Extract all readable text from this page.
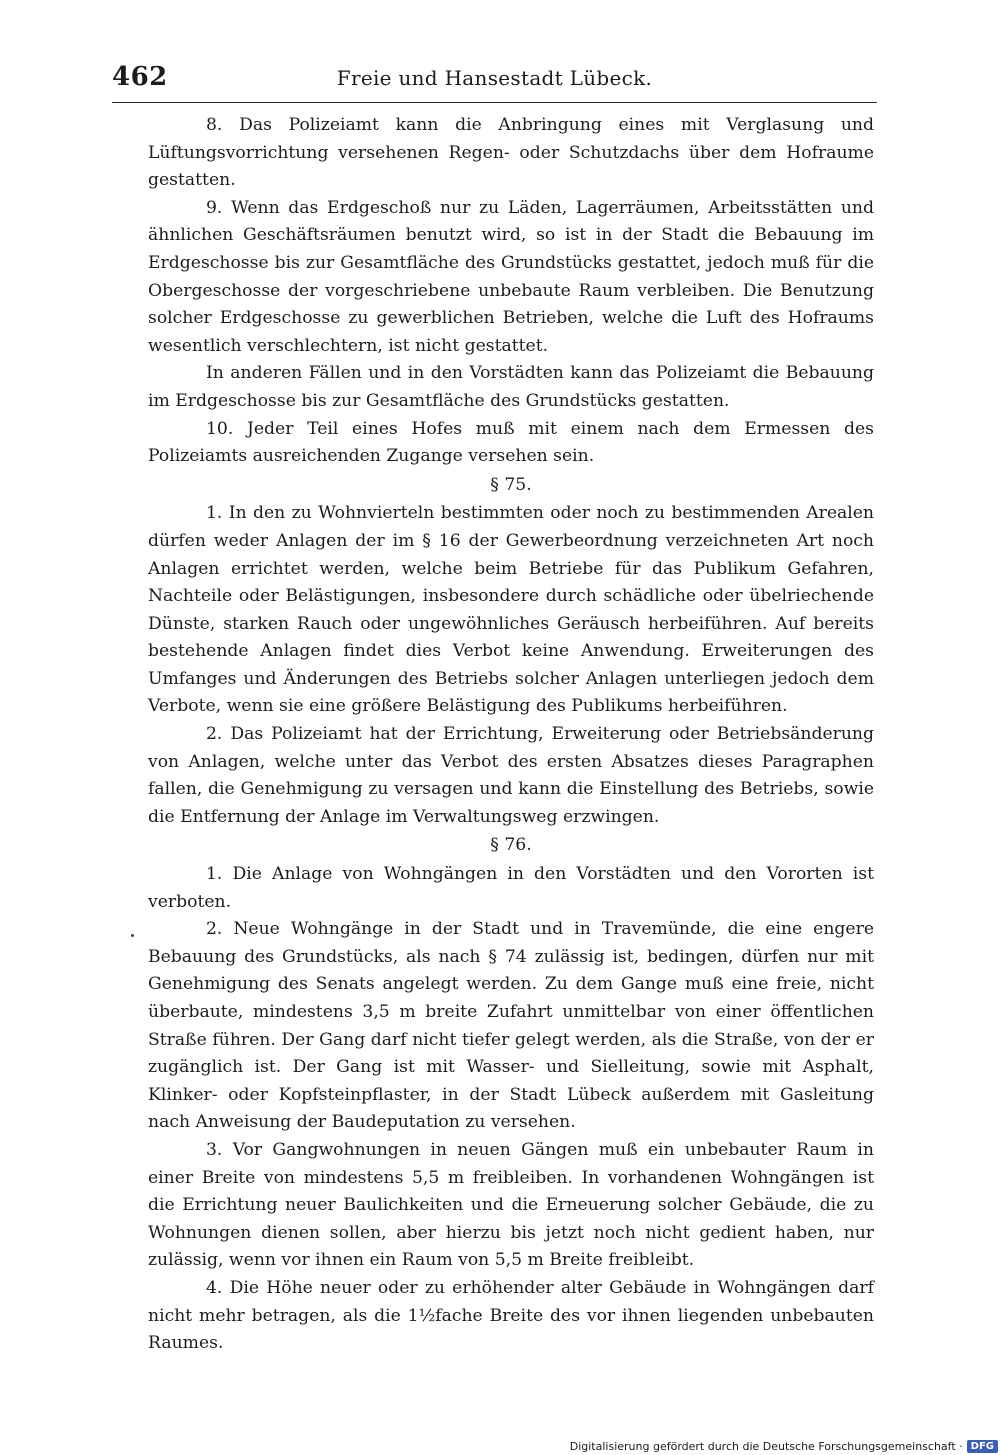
462	Freie und Hansestadt Lübeck.

8. Das Polizeiamt kann die Anbringung eines mit Verglasung und Lüftungsvorrichtung versehenen Regen- oder Schutzdachs über dem Hofraume gestatten.

9. Wenn das Erdgeschoß nur zu Läden, Lagerräumen, Arbeitsstätten und ähnlichen Geschäftsräumen benutzt wird, so ist in der Stadt die Bebauung im Erdgeschosse bis zur Gesamtfläche des Grundstücks gestattet, jedoch muß für die Obergeschosse der vorgeschriebene unbebaute Raum verbleiben. Die Benutzung solcher Erdgeschosse zu gewerblichen Betrieben, welche die Luft des Hofraums wesentlich verschlechtern, ist nicht gestattet.

In anderen Fällen und in den Vorstädten kann das Polizeiamt die Bebauung im Erdgeschosse bis zur Gesamtfläche des Grundstücks gestatten.

10. Jeder Teil eines Hofes muß mit einem nach dem Ermessen des Polizeiamts ausreichenden Zugange versehen sein.

§ 75.

1. In den zu Wohnvierteln bestimmten oder noch zu bestimmenden Arealen dürfen weder Anlagen der im § 16 der Gewerbeordnung verzeichneten Art noch Anlagen errichtet werden, welche beim Betriebe für das Publikum Gefahren, Nachteile oder Belästigungen, insbesondere durch schädliche oder übelriechende Dünste, starken Rauch oder ungewöhnliches Geräusch herbeiführen. Auf bereits bestehende Anlagen findet dies Verbot keine Anwendung. Erweiterungen des Umfanges und Änderungen des Betriebs solcher Anlagen unterliegen jedoch dem Verbote, wenn sie eine größere Belästigung des Publikums herbeiführen.

2. Das Polizeiamt hat der Errichtung, Erweiterung oder Betriebsänderung von Anlagen, welche unter das Verbot des ersten Absatzes dieses Paragraphen fallen, die Genehmigung zu versagen und kann die Einstellung des Betriebs, sowie die Entfernung der Anlage im Verwaltungsweg erzwingen.

§ 76.

1. Die Anlage von Wohngängen in den Vorstädten und den Vororten ist verboten.

2. Neue Wohngänge in der Stadt und in Travemünde, die eine engere Bebauung des Grundstücks, als nach § 74 zulässig ist, bedingen, dürfen nur mit Genehmigung des Senats angelegt werden. Zu dem Gange muß eine freie, nicht überbaute, mindestens 3,5 m breite Zufahrt unmittelbar von einer öffentlichen Straße führen. Der Gang darf nicht tiefer gelegt werden, als die Straße, von der er zugänglich ist. Der Gang ist mit Wasser- und Sielleitung, sowie mit Asphalt, Klinker- oder Kopfsteinpflaster, in der Stadt Lübeck außerdem mit Gasleitung nach Anweisung der Baudeputation zu versehen.

3. Vor Gangwohnungen in neuen Gängen muß ein unbebauter Raum in einer Breite von mindestens 5,5 m freibleiben. In vorhandenen Wohngängen ist die Errichtung neuer Baulichkeiten und die Erneuerung solcher Gebäude, die zu Wohnungen dienen sollen, aber hierzu bis jetzt noch nicht gedient haben, nur zulässig, wenn vor ihnen ein Raum von 5,5 m Breite freibleibt.

4. Die Höhe neuer oder zu erhöhender alter Gebäude in Wohngängen darf nicht mehr betragen, als die 1½fache Breite des vor ihnen liegenden unbebauten Raumes.

Digitalisierung gefördert durch die Deutsche Forschungsgemeinschaft · DFG
